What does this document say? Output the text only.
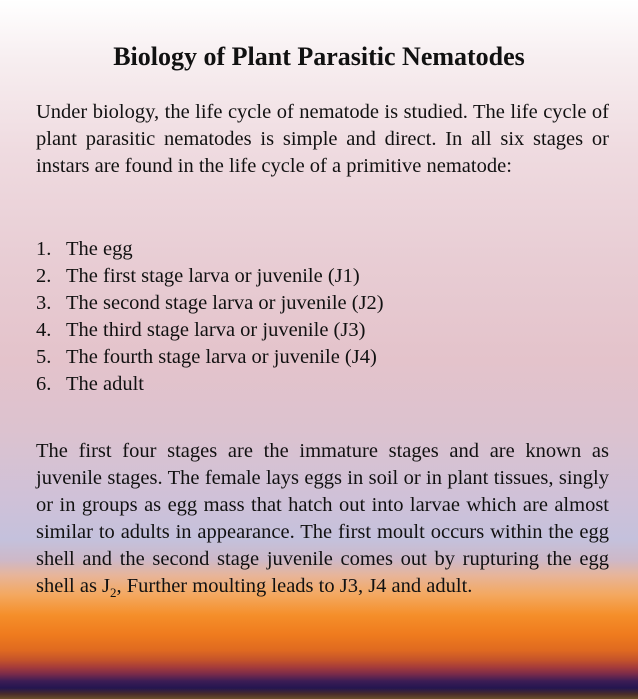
Biology of Plant Parasitic Nematodes

Under biology, the life cycle of nematode is studied. The life cycle of plant parasitic nematodes is simple and direct. In all six stages or instars are found in the life cycle of a primitive nematode:

1. The egg
2. The first stage larva or juvenile (J1)
3. The second stage larva or juvenile (J2)
4. The third stage larva or juvenile (J3)
5. The fourth stage larva or juvenile (J4)
6. The adult

The first four stages are the immature stages and are known as juvenile stages. The female lays eggs in soil or in plant tissues, singly or in groups as egg mass that hatch out into larvae which are almost similar to adults in appearance. The first moult occurs within the egg shell and the second stage juvenile comes out by rupturing the egg shell as $J_2$, Further moulting leads to J3, J4 and adult.
